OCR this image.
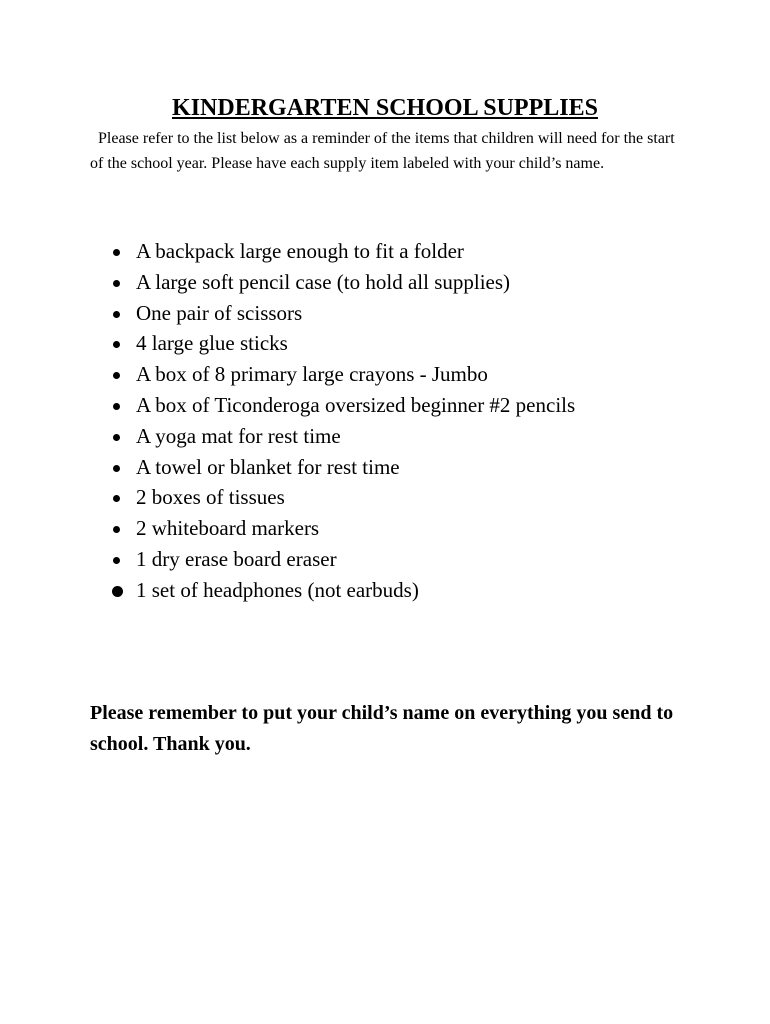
KINDERGARTEN SCHOOL SUPPLIES

Please refer to the list below as a reminder of the items that children will need for the start of the school year. Please have each supply item labeled with your child’s name.

A backpack large enough to fit a folder
A large soft pencil case (to hold all supplies)
One pair of scissors
4 large glue sticks
A box of 8 primary large crayons - Jumbo
A box of Ticonderoga oversized beginner #2 pencils
A yoga mat for rest time
A towel or blanket for rest time
2 boxes of tissues
2 whiteboard markers
1 dry erase board eraser
1 set of headphones (not earbuds)

Please remember to put your child’s name on everything you send to school. Thank you.
